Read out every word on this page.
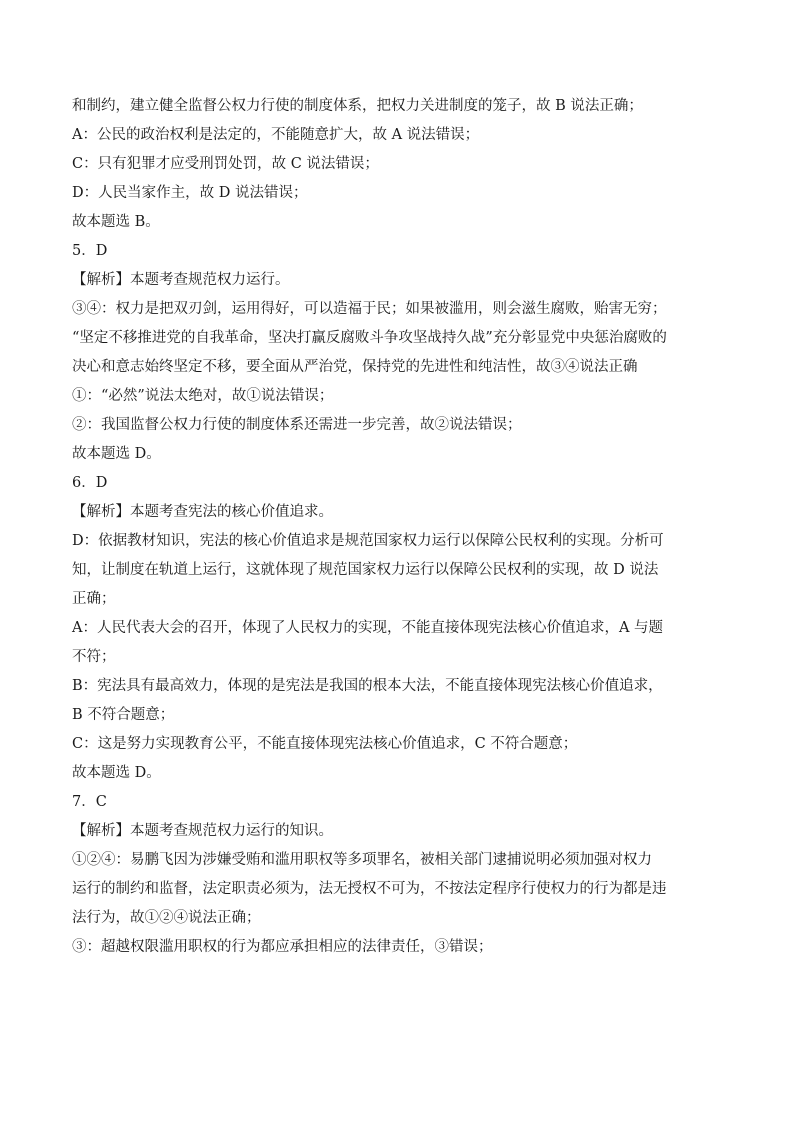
和制约，建立健全监督公权力行使的制度体系，把权力关进制度的笼子，故 B 说法正确；

A：公民的政治权利是法定的，不能随意扩大，故 A 说法错误；

C：只有犯罪才应受刑罚处罚，故 C 说法错误；

D：人民当家作主，故 D 说法错误；

故本题选 B。

5．D

【解析】本题考查规范权力运行。

③④：权力是把双刃剑，运用得好，可以造福于民；如果被滥用，则会滋生腐败，贻害无穷；

“坚定不移推进党的自我革命，坚决打赢反腐败斗争攻坚战持久战”充分彰显党中央惩治腐败的

决心和意志始终坚定不移，要全面从严治党，保持党的先进性和纯洁性，故③④说法正确

①：“必然”说法太绝对，故①说法错误；

②：我国监督公权力行使的制度体系还需进一步完善，故②说法错误；

故本题选 D。

6．D

【解析】本题考查宪法的核心价值追求。

D：依据教材知识，宪法的核心价值追求是规范国家权力运行以保障公民权利的实现。分析可

知，让制度在轨道上运行，这就体现了规范国家权力运行以保障公民权利的实现，故 D 说法

正确；

A：人民代表大会的召开，体现了人民权力的实现，不能直接体现宪法核心价值追求，A 与题

不符；

B：宪法具有最高效力，体现的是宪法是我国的根本大法，不能直接体现宪法核心价值追求，

B 不符合题意；

C：这是努力实现教育公平，不能直接体现宪法核心价值追求，C 不符合题意；

故本题选 D。

7．C

【解析】本题考查规范权力运行的知识。

①②④：易鹏飞因为涉嫌受贿和滥用职权等多项罪名，被相关部门逮捕说明必须加强对权力

运行的制约和监督，法定职责必须为，法无授权不可为，不按法定程序行使权力的行为都是违

法行为，故①②④说法正确；

③：超越权限滥用职权的行为都应承担相应的法律责任，③错误；
